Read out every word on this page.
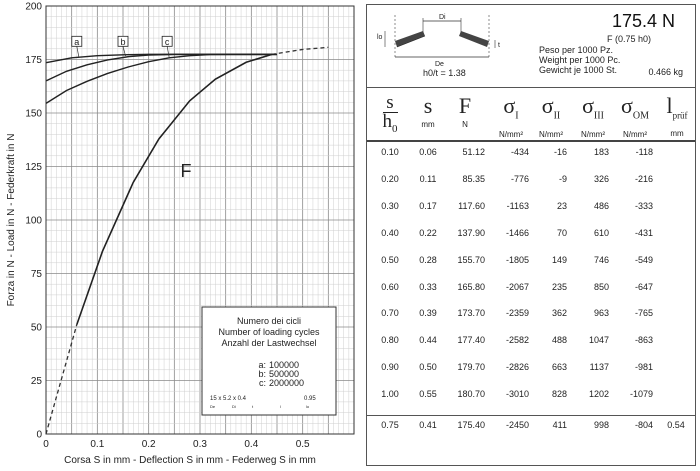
0	0.1	0.2	0.3	0.4	0.5
0
25
50
75
100
125
150
175
200
a	b	c
F
Corsa S in mm - Deflection S in mm - Federweg S in mm
Forza in N - Load in N - Federkraft in N
Numero dei cicli
Number of loading cycles
Anzahl der Lastwechsel
a: 100000
b: 500000
c: 2000000
15 x 5.2 x 0.4	0.95
De	Di	t	l	lo
Di
De
lo
t
h0/t = 1.38
175.4 N
F (0.75 h0)
Peso per 1000 Pz.
Weight per 1000 Pc.
Gewicht je 1000 St.	0.466 kg
$\frac{s}{h_0}$	s
mm
F
N
$\sigma_I$
N/mm²
$\sigma_{II}$
N/mm²
$\sigma_{III}$
N/mm²
$\sigma_{OM}$
N/mm²
$l_{prüf}$
mm
0.10	0.06	51.12	-434	-16	183	-118
0.20	0.11	85.35	-776	-9	326	-216
0.30	0.17	117.60	-1163	23	486	-333
0.40	0.22	137.90	-1466	70	610	-431
0.50	0.28	155.70	-1805	149	746	-549
0.60	0.33	165.80	-2067	235	850	-647
0.70	0.39	173.70	-2359	362	963	-765
0.80	0.44	177.40	-2582	488	1047	-863
0.90	0.50	179.70	-2826	663	1137	-981
1.00	0.55	180.70	-3010	828	1202	-1079
0.75	0.41	175.40	-2450	411	998	-804	0.54
